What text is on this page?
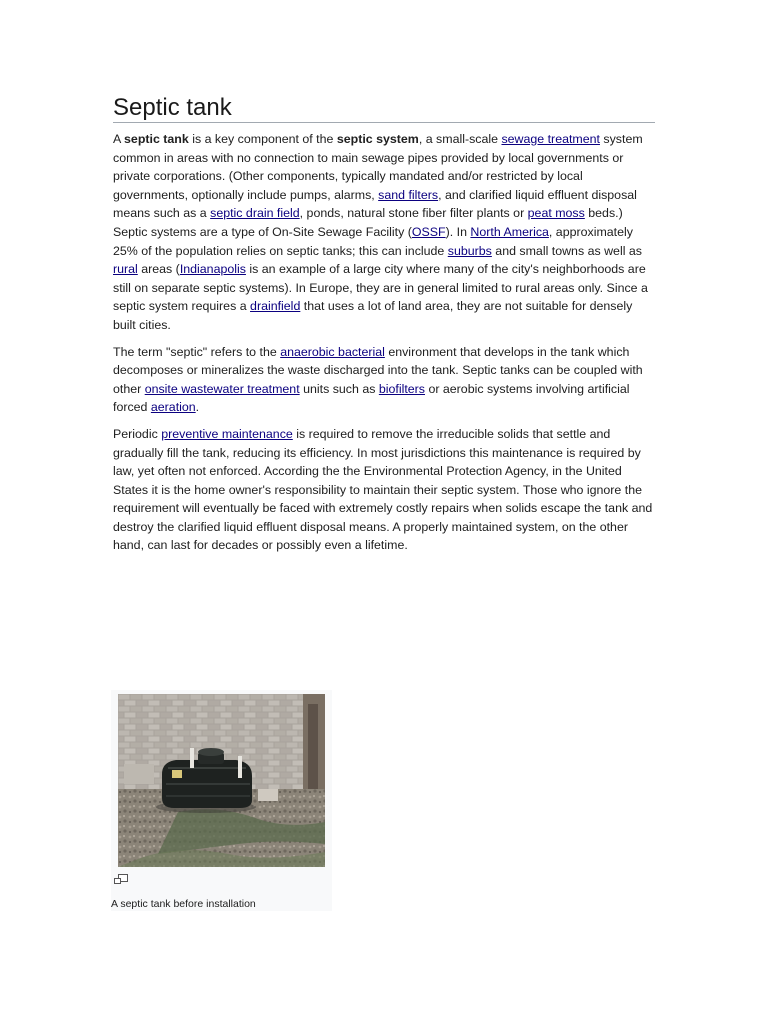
Septic tank

A septic tank is a key component of the septic system, a small-scale sewage treatment system common in areas with no connection to main sewage pipes provided by local governments or private corporations. (Other components, typically mandated and/or restricted by local governments, optionally include pumps, alarms, sand filters, and clarified liquid effluent disposal means such as a septic drain field, ponds, natural stone fiber filter plants or peat moss beds.) Septic systems are a type of On-Site Sewage Facility (OSSF). In North America, approximately 25% of the population relies on septic tanks; this can include suburbs and small towns as well as rural areas (Indianapolis is an example of a large city where many of the city's neighborhoods are still on separate septic systems). In Europe, they are in general limited to rural areas only. Since a septic system requires a drainfield that uses a lot of land area, they are not suitable for densely built cities.

The term "septic" refers to the anaerobic bacterial environment that develops in the tank which decomposes or mineralizes the waste discharged into the tank. Septic tanks can be coupled with other onsite wastewater treatment units such as biofilters or aerobic systems involving artificial forced aeration.

Periodic preventive maintenance is required to remove the irreducible solids that settle and gradually fill the tank, reducing its efficiency. In most jurisdictions this maintenance is required by law, yet often not enforced. According the the Environmental Protection Agency, in the United States it is the home owner's responsibility to maintain their septic system. Those who ignore the requirement will eventually be faced with extremely costly repairs when solids escape the tank and destroy the clarified liquid effluent disposal means. A properly maintained system, on the other hand, can last for decades or possibly even a lifetime.

A septic tank before installation
